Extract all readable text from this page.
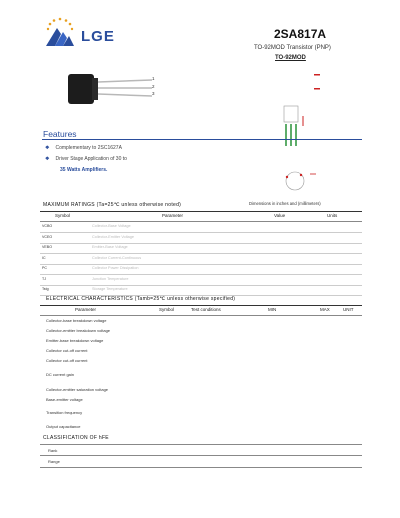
LGE	2SA817A
TO-92MOD Transistor (PNP)
TO-92MOD
1
2
3
Features
❖ Complementary to 2SC1627A
❖ Driver Stage Application of 30 to
35 Watts Amplifiers.
Dimensions in inches and (millimeters)
MAXIMUM RATINGS (Ta=25℃ unless otherwise noted)
Symbol	Parameter	Value	Units
VCBO	Collector-Base Voltage
VCEO	Collector-Emitter Voltage
VEBO	Emitter-Base Voltage
IC	Collector Current-Continuous
PC	Collector Power Dissipation
TJ	Junction Temperature
Tstg	Storage Temperature
ELECTRICAL CHARACTERISTICS (Tamb=25℃ unless otherwise specified)
Parameter	Symbol	Test conditions	MIN	MAX	UNIT
Collector-base breakdown voltage
Collector-emitter breakdown voltage
Emitter-base breakdown voltage
Collector cut-off current
Collector cut-off current
DC current gain
Collector-emitter saturation voltage
Base-emitter voltage
Transition frequency
Output capacitance
CLASSIFICATION OF hFE
Rank
Range
